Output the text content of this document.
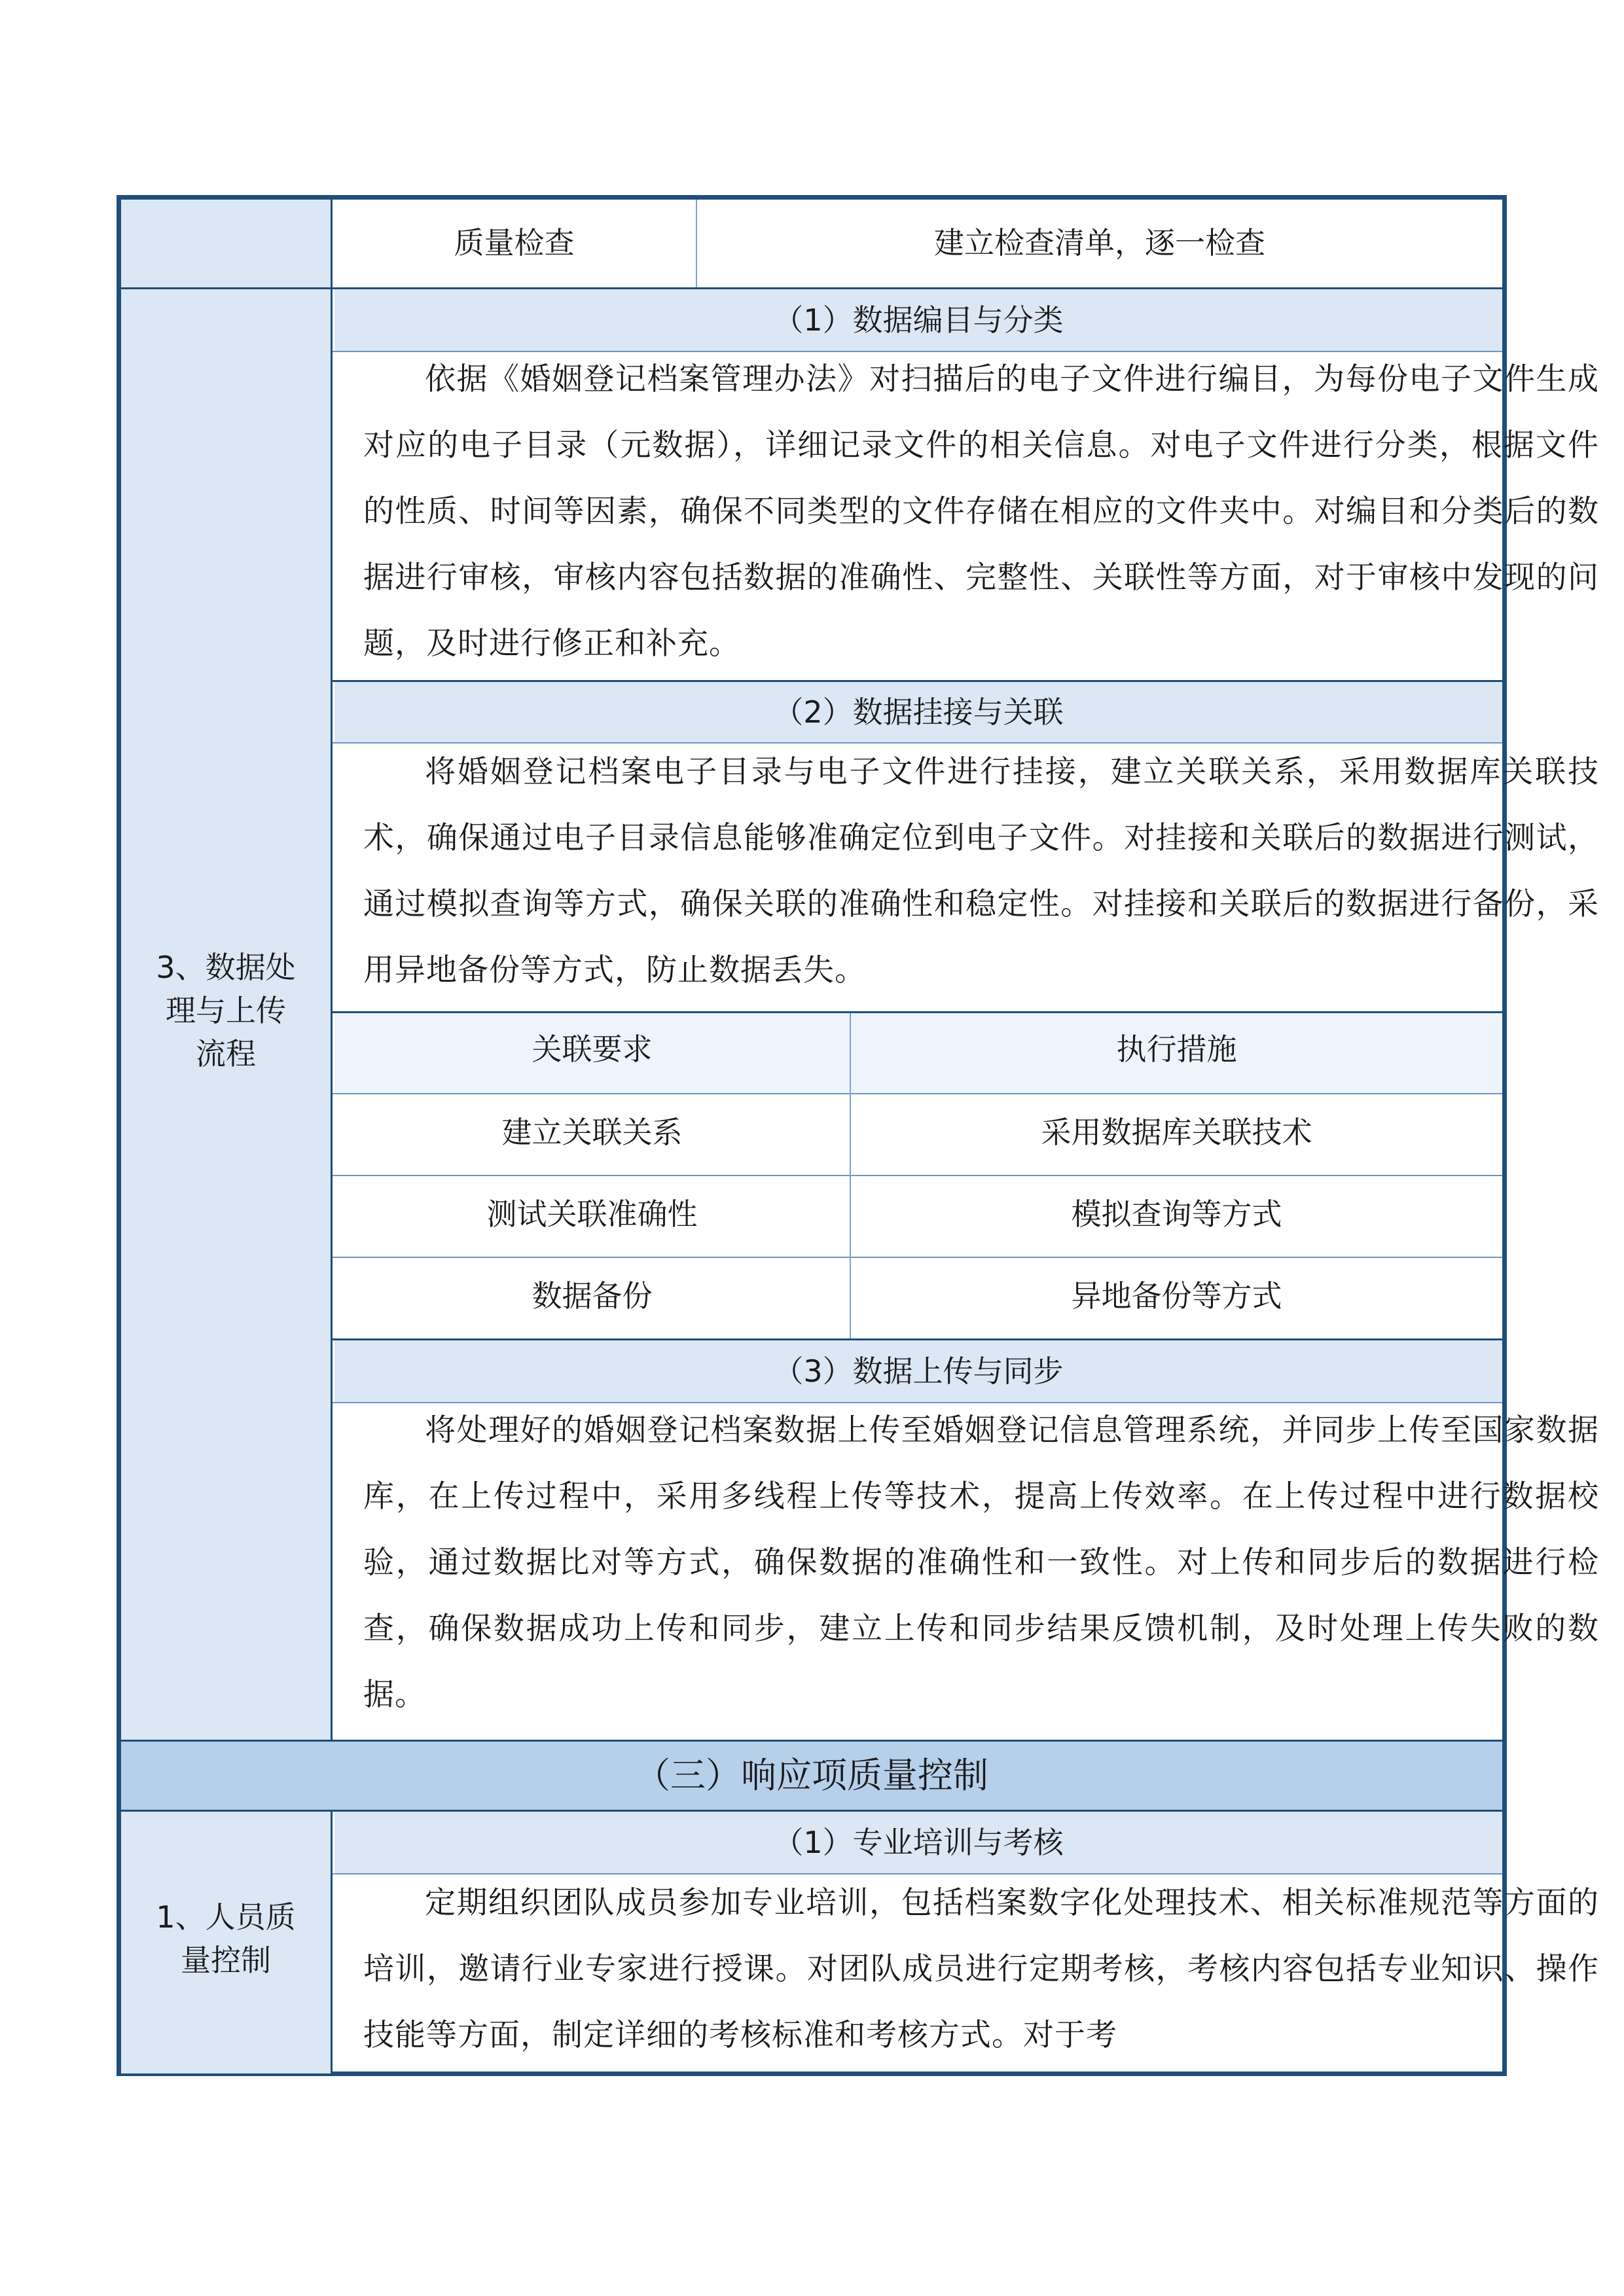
质量检查	建立检查清单，逐一检查
3、数据处
理与上传
流程
（1）数据编目与分类
依据《婚姻登记档案管理办法》对扫描后的电子文件进行编目，为每份电子文件生成对应的电子目录（元数据），详细记录文件的相关信息。对电子文件进行分类，根据文件的性质、时间等因素，确保不同类型的文件存储在相应的文件夹中。对编目和分类后的数据进行审核，审核内容包括数据的准确性、完整性、关联性等方面，对于审核中发现的问题，及时进行修正和补充。
（2）数据挂接与关联
将婚姻登记档案电子目录与电子文件进行挂接，建立关联关系，采用数据库关联技术，确保通过电子目录信息能够准确定位到电子文件。对挂接和关联后的数据进行测试，通过模拟查询等方式，确保关联的准确性和稳定性。对挂接和关联后的数据进行备份，采用异地备份等方式，防止数据丢失。
关联要求	执行措施
建立关联关系	采用数据库关联技术
测试关联准确性	模拟查询等方式
数据备份	异地备份等方式
（3）数据上传与同步
将处理好的婚姻登记档案数据上传至婚姻登记信息管理系统，并同步上传至国家数据库，在上传过程中，采用多线程上传等技术，提高上传效率。在上传过程中进行数据校验，通过数据比对等方式，确保数据的准确性和一致性。对上传和同步后的数据进行检查，确保数据成功上传和同步，建立上传和同步结果反馈机制，及时处理上传失败的数据。
（三）响应项质量控制
1、人员质
量控制
（1）专业培训与考核
定期组织团队成员参加专业培训，包括档案数字化处理技术、相关标准规范等方面的培训，邀请行业专家进行授课。对团队成员进行定期考核，考核内容包括专业知识、操作技能等方面，制定详细的考核标准和考核方式。对于考
